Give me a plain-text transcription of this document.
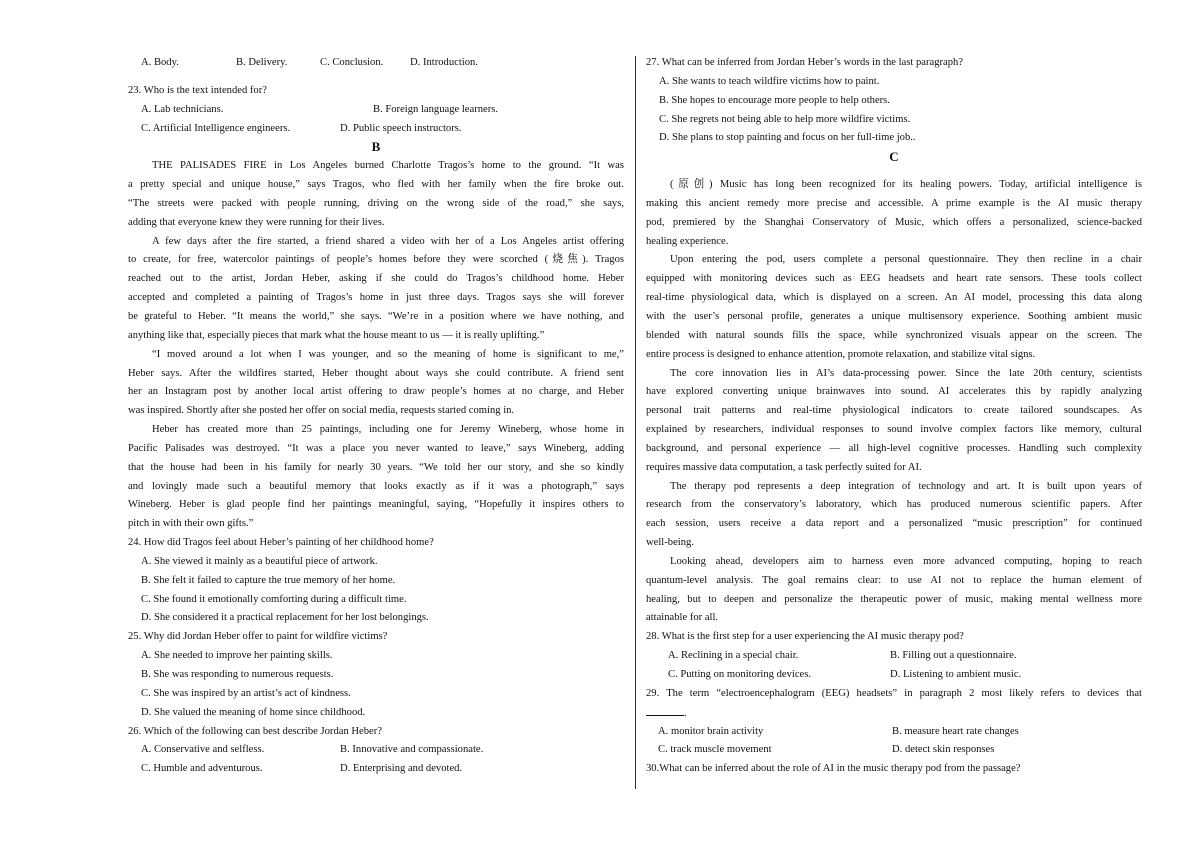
A. Body.	B. Delivery.	C. Conclusion.	D. Introduction.
23. Who is the text intended for?
A. Lab technicians.	B. Foreign language learners.
C. Artificial Intelligence engineers.	D. Public speech instructors.
B
THE PALISADES FIRE in Los Angeles burned Charlotte Tragos’s home to the ground. “It was
a pretty special and unique house,” says Tragos, who fled with her family when the fire broke out.
“The streets were packed with people running, driving on the wrong side of the road,” she says,
adding that everyone knew they were running for their lives.
A few days after the fire started, a friend shared a video with her of a Los Angeles artist offering
to create, for free, watercolor paintings of people’s homes before they were scorched (烧焦). Tragos
reached out to the artist, Jordan Heber, asking if she could do Tragos’s childhood home. Heber
accepted and completed a painting of Tragos’s home in just three days. Tragos says she will forever
be grateful to Heber. “It means the world,” she says. “We’re in a position where we have nothing, and
anything like that, especially pieces that mark what the house meant to us — it is really uplifting.”
“I moved around a lot when I was younger, and so the meaning of home is significant to me,”
Heber says. After the wildfires started, Heber thought about ways she could contribute. A friend sent
her an Instagram post by another local artist offering to draw people’s homes at no charge, and Heber
was inspired. Shortly after she posted her offer on social media, requests started coming in.
Heber has created more than 25 paintings, including one for Jeremy Wineberg, whose home in
Pacific Palisades was destroyed. “It was a place you never wanted to leave,” says Wineberg, adding
that the house had been in his family for nearly 30 years. “We told her our story, and she so kindly
and lovingly made such a beautiful memory that looks exactly as if it was a photograph,” says
Wineberg. Heber is glad people find her paintings meaningful, saying, “Hopefully it inspires others to
pitch in with their own gifts.”
24. How did Tragos feel about Heber’s painting of her childhood home?
A. She viewed it mainly as a beautiful piece of artwork.
B. She felt it failed to capture the true memory of her home.
C. She found it emotionally comforting during a difficult time.
D. She considered it a practical replacement for her lost belongings.
25. Why did Jordan Heber offer to paint for wildfire victims?
A. She needed to improve her painting skills.
B. She was responding to numerous requests.
C. She was inspired by an artist’s act of kindness.
D. She valued the meaning of home since childhood.
26. Which of the following can best describe Jordan Heber?
A. Conservative and selfless.	B. Innovative and compassionate.
C. Humble and adventurous.	D. Enterprising and devoted.
27. What can be inferred from Jordan Heber’s words in the last paragraph?
A. She wants to teach wildfire victims how to paint.
B. She hopes to encourage more people to help others.
C. She regrets not being able to help more wildfire victims.
D. She plans to stop painting and focus on her full-time job..
C
(原创) Music has long been recognized for its healing powers. Today, artificial intelligence is
making this ancient remedy more precise and accessible. A prime example is the AI music therapy
pod, premiered by the Shanghai Conservatory of Music, which offers a personalized, science-backed
healing experience.
Upon entering the pod, users complete a personal questionnaire. They then recline in a chair
equipped with monitoring devices such as EEG headsets and heart rate sensors. These tools collect
real-time physiological data, which is displayed on a screen. An AI model, processing this data along
with the user’s personal profile, generates a unique multisensory experience. Soothing ambient music
blended with natural sounds fills the space, while synchronized visuals appear on the screen. The
entire process is designed to enhance attention, promote relaxation, and stabilize vital signs.
The core innovation lies in AI’s data-processing power. Since the late 20th century, scientists
have explored converting unique brainwaves into sound. AI accelerates this by rapidly analyzing
personal trait patterns and real-time physiological indicators to create tailored soundscapes. As
explained by researchers, individual responses to sound involve complex factors like memory, cultural
background, and personal experience — all high-level cognitive processes. Handling such complexity
requires massive data computation, a task perfectly suited for AI.
The therapy pod represents a deep integration of technology and art. It is built upon years of
research from the conservatory’s laboratory, which has produced numerous scientific papers. After
each session, users receive a data report and a personalized “music prescription” for continued
well-being.
Looking ahead, developers aim to harness even more advanced computing, hoping to reach
quantum-level analysis. The goal remains clear: to use AI not to replace the human element of
healing, but to deepen and personalize the therapeutic power of music, making mental wellness more
attainable for all.
28. What is the first step for a user experiencing the AI music therapy pod?
A. Reclining in a special chair.	B. Filling out a questionnaire.
C. Putting on monitoring devices.	D. Listening to ambient music.
29. The term “electroencephalogram (EEG) headsets” in paragraph 2 most likely refers to devices that
.
A. monitor brain activity	B. measure heart rate changes
C. track muscle movement	D. detect skin responses
30.What can be inferred about the role of AI in the music therapy pod from the passage?
